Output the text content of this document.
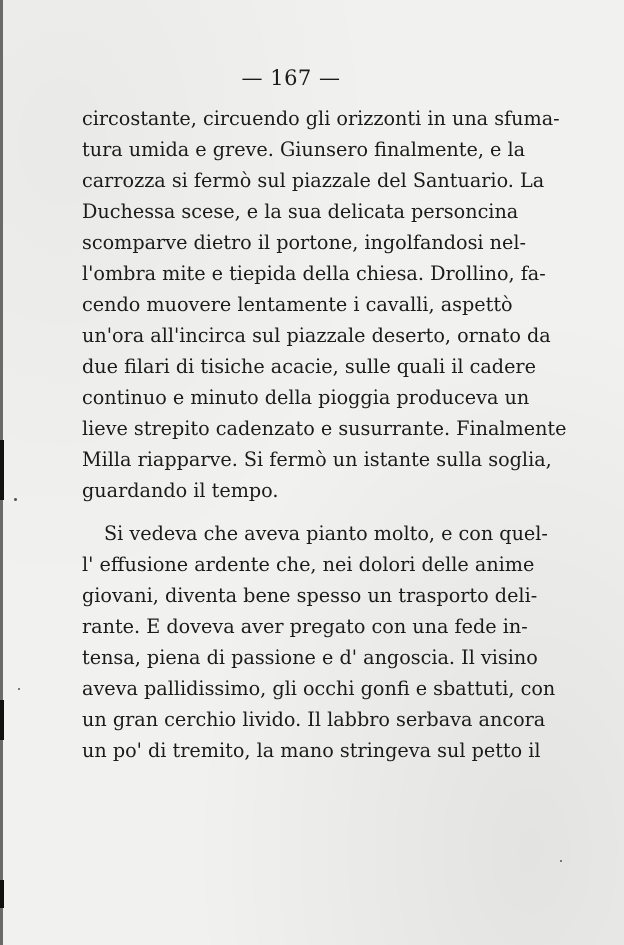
— 167 —
circostante, circuendo gli orizzonti in una sfuma-
tura umida e greve. Giunsero finalmente, e la
carrozza si fermò sul piazzale del Santuario. La
Duchessa scese, e la sua delicata personcina
scomparve dietro il portone, ingolfandosi nel-
l'ombra mite e tiepida della chiesa. Drollino, fa-
cendo muovere lentamente i cavalli, aspettò
un'ora all'incirca sul piazzale deserto, ornato da
due filari di tisiche acacie, sulle quali il cadere
continuo e minuto della pioggia produceva un
lieve strepito cadenzato e susurrante. Finalmente
Milla riapparve. Si fermò un istante sulla soglia,
guardando il tempo.
Si vedeva che aveva pianto molto, e con quel-
l' effusione ardente che, nei dolori delle anime
giovani, diventa bene spesso un trasporto deli-
rante. E doveva aver pregato con una fede in-
tensa, piena di passione e d' angoscia. Il visino
aveva pallidissimo, gli occhi gonfi e sbattuti, con
un gran cerchio livido. Il labbro serbava ancora
un po' di tremito, la mano stringeva sul petto il
